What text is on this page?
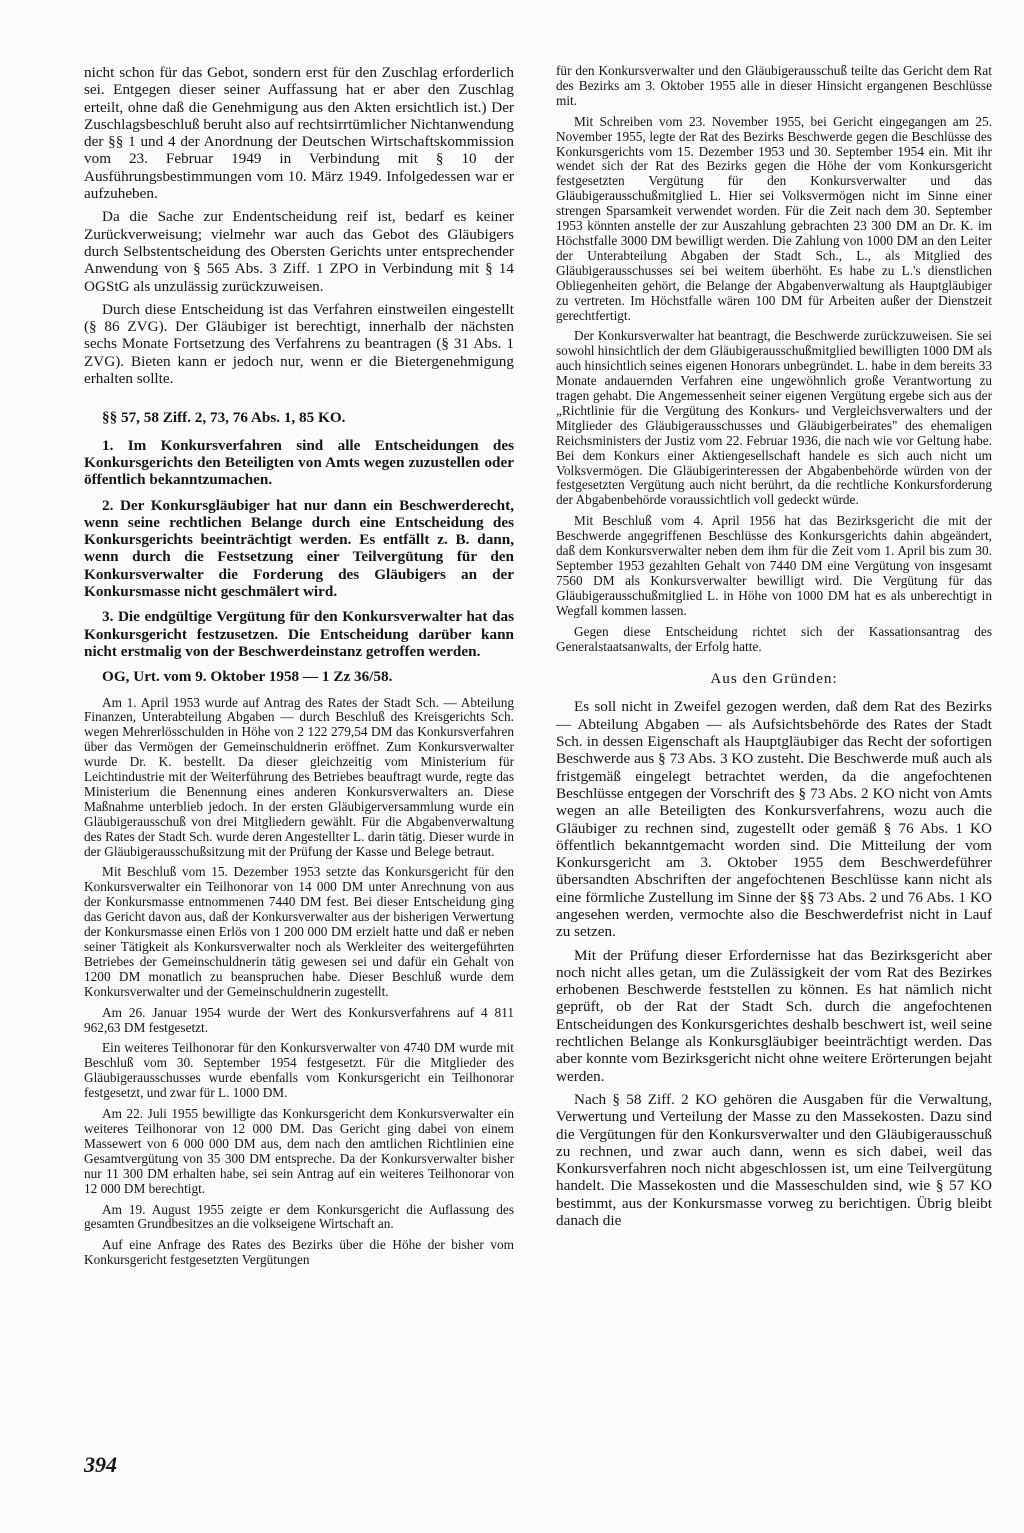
nicht schon für das Gebot, sondern erst für den Zuschlag erforderlich sei. Entgegen dieser seiner Auffassung hat er aber den Zuschlag erteilt, ohne daß die Genehmigung aus den Akten ersichtlich ist.) Der Zuschlagsbeschluß beruht also auf rechtsirrtümlicher Nichtanwendung der §§ 1 und 4 der Anordnung der Deutschen Wirtschaftskommission vom 23. Februar 1949 in Verbindung mit § 10 der Ausführungsbestimmungen vom 10. März 1949. Infolgedessen war er aufzuheben.

Da die Sache zur Endentscheidung reif ist, bedarf es keiner Zurückverweisung; vielmehr war auch das Gebot des Gläubigers durch Selbstentscheidung des Obersten Gerichts unter entsprechender Anwendung von § 565 Abs. 3 Ziff. 1 ZPO in Verbindung mit § 14 OGStG als unzulässig zurückzuweisen.

Durch diese Entscheidung ist das Verfahren einstweilen eingestellt (§ 86 ZVG). Der Gläubiger ist berechtigt, innerhalb der nächsten sechs Monate Fortsetzung des Verfahrens zu beantragen (§ 31 Abs. 1 ZVG). Bieten kann er jedoch nur, wenn er die Bietergenehmigung erhalten sollte.

§§ 57, 58 Ziff. 2, 73, 76 Abs. 1, 85 KO.

1. Im Konkursverfahren sind alle Entscheidungen des Konkursgerichts den Beteiligten von Amts wegen zuzustellen oder öffentlich bekanntzumachen.

2. Der Konkursgläubiger hat nur dann ein Beschwerderecht, wenn seine rechtlichen Belange durch eine Entscheidung des Konkursgerichts beeinträchtigt werden. Es entfällt z. B. dann, wenn durch die Festsetzung einer Teilvergütung für den Konkursverwalter die Forderung des Gläubigers an der Konkursmasse nicht geschmälert wird.

3. Die endgültige Vergütung für den Konkursverwalter hat das Konkursgericht festzusetzen. Die Entscheidung darüber kann nicht erstmalig von der Beschwerdeinstanz getroffen werden.

OG, Urt. vom 9. Oktober 1958 — 1 Zz 36/58.

Am 1. April 1953 wurde auf Antrag des Rates der Stadt Sch. — Abteilung Finanzen, Unterabteilung Abgaben — durch Beschluß des Kreisgerichts Sch. wegen Mehrerlösschulden in Höhe von 2 122 279,54 DM das Konkursverfahren über das Vermögen der Gemeinschuldnerin eröffnet. Zum Konkursverwalter wurde Dr. K. bestellt. Da dieser gleichzeitig vom Ministerium für Leichtindustrie mit der Weiterführung des Betriebes beauftragt wurde, regte das Ministerium die Benennung eines anderen Konkursverwalters an. Diese Maßnahme unterblieb jedoch. In der ersten Gläubigerversammlung wurde ein Gläubigerausschuß von drei Mitgliedern gewählt. Für die Abgabenverwaltung des Rates der Stadt Sch. wurde deren Angestellter L. darin tätig. Dieser wurde in der Gläubigerausschußsitzung mit der Prüfung der Kasse und Belege betraut.

Mit Beschluß vom 15. Dezember 1953 setzte das Konkursgericht für den Konkursverwalter ein Teilhonorar von 14 000 DM unter Anrechnung von aus der Konkursmasse entnommenen 7440 DM fest. Bei dieser Entscheidung ging das Gericht davon aus, daß der Konkursverwalter aus der bisherigen Verwertung der Konkursmasse einen Erlös von 1 200 000 DM erzielt hatte und daß er neben seiner Tätigkeit als Konkursverwalter noch als Werkleiter des weitergeführten Betriebes der Gemeinschuldnerin tätig gewesen sei und dafür ein Gehalt von 1200 DM monatlich zu beanspruchen habe. Dieser Beschluß wurde dem Konkursverwalter und der Gemeinschuldnerin zugestellt.

Am 26. Januar 1954 wurde der Wert des Konkursverfahrens auf 4 811 962,63 DM festgesetzt.

Ein weiteres Teilhonorar für den Konkursverwalter von 4740 DM wurde mit Beschluß vom 30. September 1954 festgesetzt. Für die Mitglieder des Gläubigerausschusses wurde ebenfalls vom Konkursgericht ein Teilhonorar festgesetzt, und zwar für L. 1000 DM.

Am 22. Juli 1955 bewilligte das Konkursgericht dem Konkursverwalter ein weiteres Teilhonorar von 12 000 DM. Das Gericht ging dabei von einem Massewert von 6 000 000 DM aus, dem nach den amtlichen Richtlinien eine Gesamtvergütung von 35 300 DM entspreche. Da der Konkursverwalter bisher nur 11 300 DM erhalten habe, sei sein Antrag auf ein weiteres Teilhonorar von 12 000 DM berechtigt.

Am 19. August 1955 zeigte er dem Konkursgericht die Auflassung des gesamten Grundbesitzes an die volkseigene Wirtschaft an.

Auf eine Anfrage des Rates des Bezirks über die Höhe der bisher vom Konkursgericht festgesetzten Vergütungen

für den Konkursverwalter und den Gläubigerausschuß teilte das Gericht dem Rat des Bezirks am 3. Oktober 1955 alle in dieser Hinsicht ergangenen Beschlüsse mit.

Mit Schreiben vom 23. November 1955, bei Gericht eingegangen am 25. November 1955, legte der Rat des Bezirks Beschwerde gegen die Beschlüsse des Konkursgerichts vom 15. Dezember 1953 und 30. September 1954 ein. Mit ihr wendet sich der Rat des Bezirks gegen die Höhe der vom Konkursgericht festgesetzten Vergütung für den Konkursverwalter und das Gläubigerausschußmitglied L. Hier sei Volksvermögen nicht im Sinne einer strengen Sparsamkeit verwendet worden. Für die Zeit nach dem 30. September 1953 könnten anstelle der zur Auszahlung gebrachten 23 300 DM an Dr. K. im Höchstfalle 3000 DM bewilligt werden. Die Zahlung von 1000 DM an den Leiter der Unterabteilung Abgaben der Stadt Sch., L., als Mitglied des Gläubigerausschusses sei bei weitem überhöht. Es habe zu L.'s dienstlichen Obliegenheiten gehört, die Belange der Abgabenverwaltung als Hauptgläubiger zu vertreten. Im Höchstfalle wären 100 DM für Arbeiten außer der Dienstzeit gerechtfertigt.

Der Konkursverwalter hat beantragt, die Beschwerde zurückzuweisen. Sie sei sowohl hinsichtlich der dem Gläubigerausschußmitglied bewilligten 1000 DM als auch hinsichtlich seines eigenen Honorars unbegründet. L. habe in dem bereits 33 Monate andauernden Verfahren eine ungewöhnlich große Verantwortung zu tragen gehabt. Die Angemessenheit seiner eigenen Vergütung ergebe sich aus der „Richtlinie für die Vergütung des Konkurs- und Vergleichsverwalters und der Mitglieder des Gläubigerausschusses und Gläubigerbeirates" des ehemaligen Reichsministers der Justiz vom 22. Februar 1936, die nach wie vor Geltung habe. Bei dem Konkurs einer Aktiengesellschaft handele es sich auch nicht um Volksvermögen. Die Gläubigerinteressen der Abgabenbehörde würden von der festgesetzten Vergütung auch nicht berührt, da die rechtliche Konkursforderung der Abgabenbehörde voraussichtlich voll gedeckt würde.

Mit Beschluß vom 4. April 1956 hat das Bezirksgericht die mit der Beschwerde angegriffenen Beschlüsse des Konkursgerichts dahin abgeändert, daß dem Konkursverwalter neben dem ihm für die Zeit vom 1. April bis zum 30. September 1953 gezahlten Gehalt von 7440 DM eine Vergütung von insgesamt 7560 DM als Konkursverwalter bewilligt wird. Die Vergütung für das Gläubigerausschußmitglied L. in Höhe von 1000 DM hat es als unberechtigt in Wegfall kommen lassen.

Gegen diese Entscheidung richtet sich der Kassationsantrag des Generalstaatsanwalts, der Erfolg hatte.

Aus den Gründen:

Es soll nicht in Zweifel gezogen werden, daß dem Rat des Bezirks — Abteilung Abgaben — als Aufsichtsbehörde des Rates der Stadt Sch. in dessen Eigenschaft als Hauptgläubiger das Recht der sofortigen Beschwerde aus § 73 Abs. 3 KO zusteht. Die Beschwerde muß auch als fristgemäß eingelegt betrachtet werden, da die angefochtenen Beschlüsse entgegen der Vorschrift des § 73 Abs. 2 KO nicht von Amts wegen an alle Beteiligten des Konkursverfahrens, wozu auch die Gläubiger zu rechnen sind, zugestellt oder gemäß § 76 Abs. 1 KO öffentlich bekanntgemacht worden sind. Die Mitteilung der vom Konkursgericht am 3. Oktober 1955 dem Beschwerdeführer übersandten Abschriften der angefochtenen Beschlüsse kann nicht als eine förmliche Zustellung im Sinne der §§ 73 Abs. 2 und 76 Abs. 1 KO angesehen werden, vermochte also die Beschwerdefrist nicht in Lauf zu setzen.

Mit der Prüfung dieser Erfordernisse hat das Bezirksgericht aber noch nicht alles getan, um die Zulässigkeit der vom Rat des Bezirkes erhobenen Beschwerde feststellen zu können. Es hat nämlich nicht geprüft, ob der Rat der Stadt Sch. durch die angefochtenen Entscheidungen des Konkursgerichtes deshalb beschwert ist, weil seine rechtlichen Belange als Konkursgläubiger beeinträchtigt werden. Das aber konnte vom Bezirksgericht nicht ohne weitere Erörterungen bejaht werden.

Nach § 58 Ziff. 2 KO gehören die Ausgaben für die Verwaltung, Verwertung und Verteilung der Masse zu den Massekosten. Dazu sind die Vergütungen für den Konkursverwalter und den Gläubigerausschuß zu rechnen, und zwar auch dann, wenn es sich dabei, weil das Konkursverfahren noch nicht abgeschlossen ist, um eine Teilvergütung handelt. Die Massekosten und die Masseschulden sind, wie § 57 KO bestimmt, aus der Konkursmasse vorweg zu berichtigen. Übrig bleibt danach die

394
